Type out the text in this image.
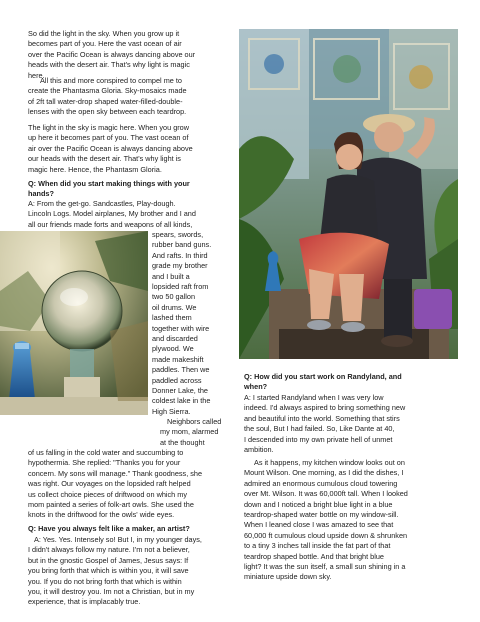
So did the light in the sky. When you grow up it

becomes part of you. Here the vast ocean of air

over the Pacific Ocean is always dancing above our

heads with the desert air. That's why light is magic

here.

All this and more conspired to compel me to

create the Phantasma Gloria. Sky-mosaics made

of 2ft tall water-drop shaped water-filled-double-

lenses with the open sky between each teardrop.

The light in the sky is magic here. When you grow

up here it becomes part of you. The vast ocean of

air over the Pacific Ocean is always dancing above

our heads with the desert air. That's why light is

magic here. Hence, the Phantasm Gloria.

Q: When did you start making things with your

hands?

A: From the get-go. Sandcastles, Play-dough.

Lincoln Logs. Model airplanes, My brother and I and

all our friends made forts and weapons of all kinds,

spears, swords,

rubber band guns.

And rafts. In third

grade my brother

and I built a

lopsided raft from

two 50 gallon

oil drums. We

lashed them

together with wire

and discarded

plywood. We

made makeshift

paddles. Then we

paddled across

Donner Lake, the

coldest lake in the

High Sierra.

Neighbors called

my mom, alarmed

at the thought

of us falling in the cold water and succumbing to

hypothermia. She replied: "Thanks you for your

concern. My sons will manage." Thank goodness, she

was right. Our voyages on the lopsided raft helped

us collect choice pieces of driftwood on which my

mom painted a series of folk-art owls. She used the

knots in the driftwood for the owls' wide eyes.

Q: Have you always felt like a maker, an artist?

A: Yes. Yes. Intensely so! But I, in my younger days,

I didn't always follow my nature. I'm not a believer,

but in the gnostic Gospel of James, Jesus says: If

you bring forth that which is within you, it will save

you. If you do not bring forth that which is within

you, it will destroy you. Im not a Christian, but in my

experience, that is implacably true.

Q: How did you start work on Randyland, and

when?

A: I started Randyland when I was very low

indeed. I'd always aspired to bring something new

and beautiful into the world. Something that stirs

the soul, But I had failed. So, Like Dante at 40,

I descended into my own private hell of unmet

ambition.

As it happens, my kitchen window looks out on

Mount Wilson. One morning, as I did the dishes, I

admired an enormous cumulous cloud towering

over Mt. Wilson. It was 60,000ft tall. When I looked

down and I noticed a bright blue light in a blue

teardrop-shaped water bottle on my window-sill.

When I leaned close I was amazed to see that

60,000 ft cumulous cloud upside down & shrunken

to a tiny 3 inches tall inside the fat part of that

teardrop shaped bottle. And that bright blue

light? It was the sun itself, a small sun shining in a

miniature upside down sky.
